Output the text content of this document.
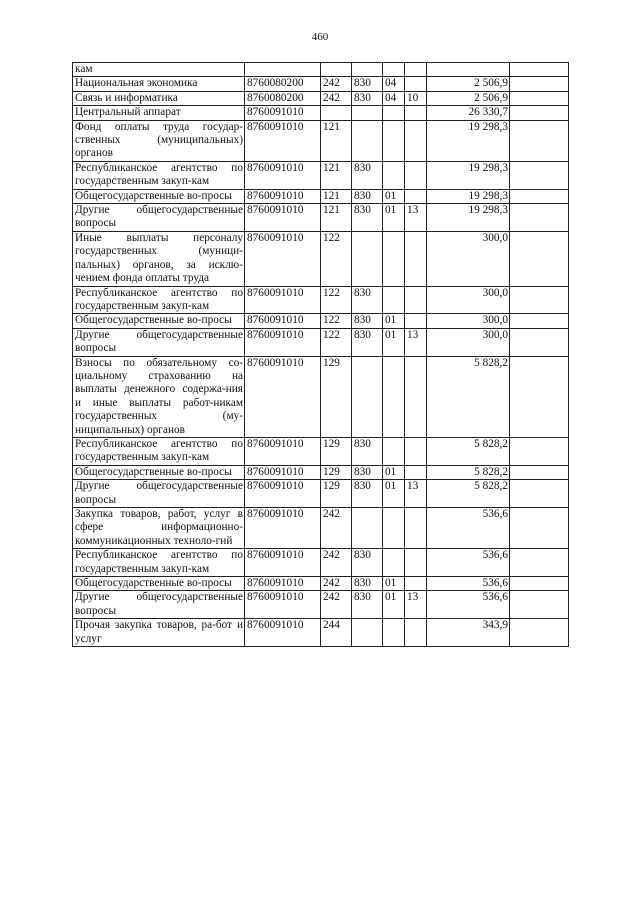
460
кам							
Национальная экономика	8760080200	242	830	04		2 506,9	
Связь и информатика	8760080200	242	830	04	10	2 506,9	
Центральный аппарат	8760091010					26 330,7	
Фонд оплаты труда государ-ственных (муниципальных) органов	8760091010	121				19 298,3	
Республиканское агентство по государственным закуп-кам	8760091010	121	830			19 298,3	
Общегосударственные во-просы	8760091010	121	830	01		19 298,3	
Другие общегосударственные вопросы	8760091010	121	830	01	13	19 298,3	
Иные выплаты персоналу государственных (муници-пальных) органов, за исклю-чением фонда оплаты труда	8760091010	122				300,0	
Республиканское агентство по государственным закуп-кам	8760091010	122	830			300,0	
Общегосударственные во-просы	8760091010	122	830	01		300,0	
Другие общегосударственные вопросы	8760091010	122	830	01	13	300,0	
Взносы по обязательному со-циальному страхованию на выплаты денежного содержа-ния и иные выплаты работ-никам государственных (му-ниципальных) органов	8760091010	129				5 828,2	
Республиканское агентство по государственным закуп-кам	8760091010	129	830			5 828,2	
Общегосударственные во-просы	8760091010	129	830	01		5 828,2	
Другие общегосударственные вопросы	8760091010	129	830	01	13	5 828,2	
Закупка товаров, работ, услуг в сфере информационно-коммуникационных техноло-гий	8760091010	242				536,6	
Республиканское агентство по государственным закуп-кам	8760091010	242	830			536,6	
Общегосударственные во-просы	8760091010	242	830	01		536,6	
Другие общегосударственные вопросы	8760091010	242	830	01	13	536,6	
Прочая закупка товаров, ра-бот и услуг	8760091010	244				343,9	
